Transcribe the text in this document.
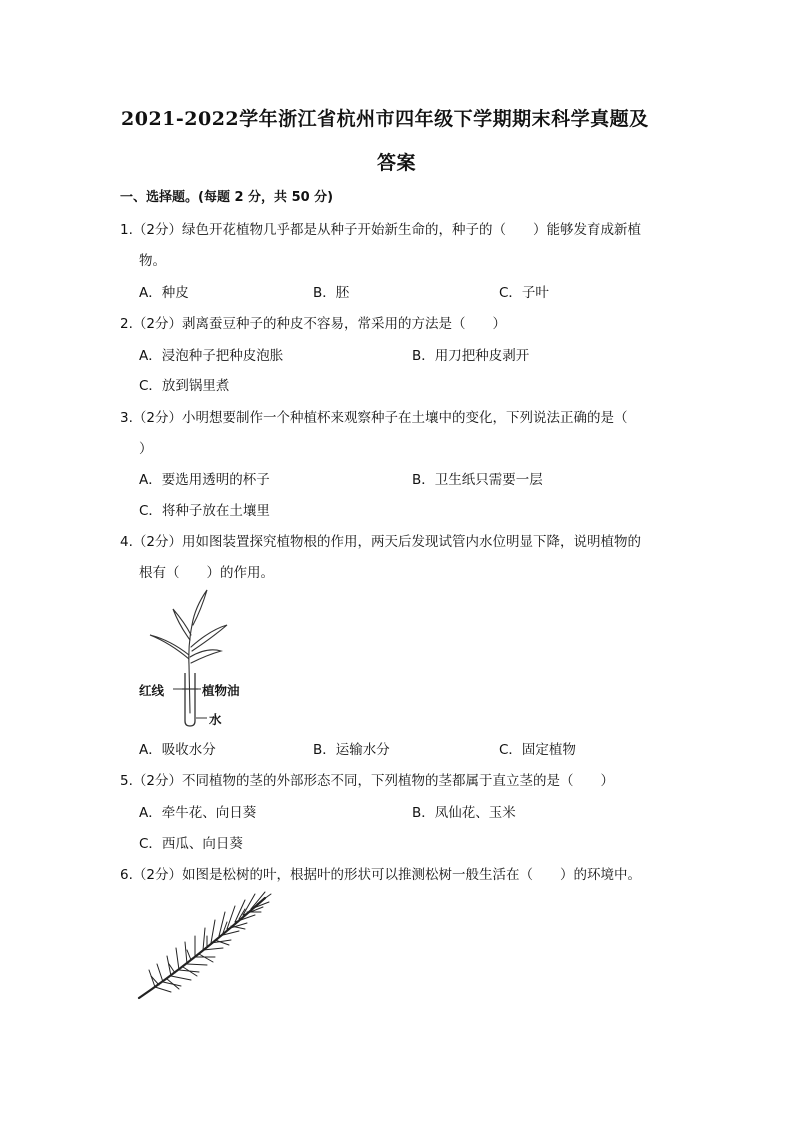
2021-2022学年浙江省杭州市四年级下学期期末科学真题及
答案
一、选择题。(每题 2 分，共 50 分)
1.（2分）绿色开花植物几乎都是从种子开始新生命的，种子的（　　）能够发育成新植
物。
A．种皮	B．胚	C．子叶
2.（2分）剥离蚕豆种子的种皮不容易，常采用的方法是（　　）
A．浸泡种子把种皮泡胀	B．用刀把种皮剥开
C．放到锅里煮
3.（2分）小明想要制作一个种植杯来观察种子在土壤中的变化，下列说法正确的是（
）
A．要选用透明的杯子	B．卫生纸只需要一层
C．将种子放在土壤里
4.（2分）用如图装置探究植物根的作用，两天后发现试管内水位明显下降，说明植物的
根有（　　）的作用。
红线	植物油
水
A．吸收水分	B．运输水分	C．固定植物
5.（2分）不同植物的茎的外部形态不同，下列植物的茎都属于直立茎的是（　　）
A．牵牛花、向日葵	B．凤仙花、玉米
C．西瓜、向日葵
6.（2分）如图是松树的叶，根据叶的形状可以推测松树一般生活在（　　）的环境中。
